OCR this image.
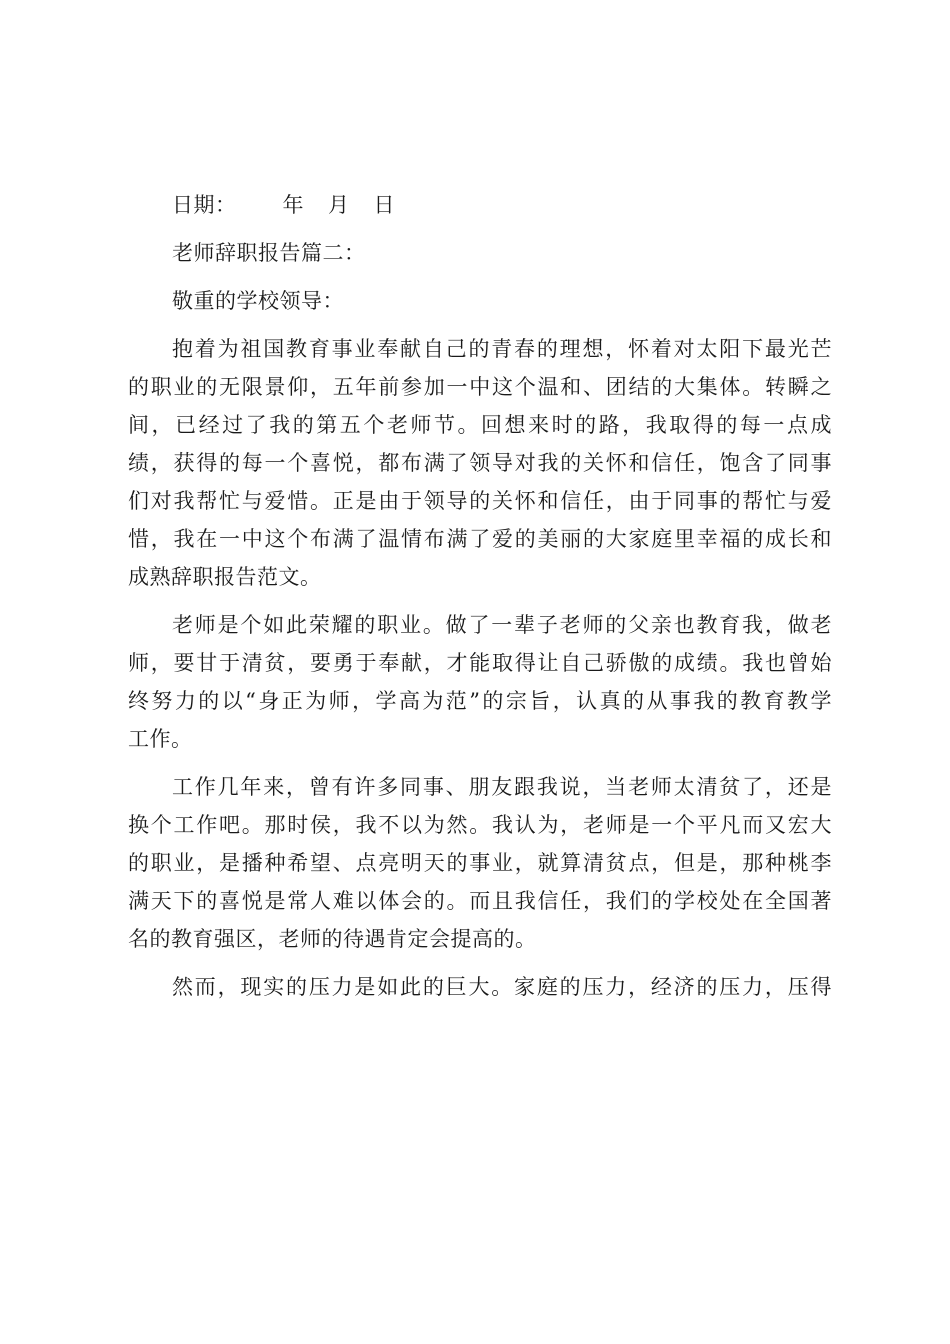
日期： 年 月 日
老师辞职报告篇二：
敬重的学校领导：
抱着为祖国教育事业奉献自己的青春的理想，怀着对太阳下最光芒
的职业的无限景仰，五年前参加一中这个温和、团结的大集体。转瞬之
间，已经过了我的第五个老师节。回想来时的路，我取得的每一点成
绩，获得的每一个喜悦，都布满了领导对我的关怀和信任，饱含了同事
们对我帮忙与爱惜。正是由于领导的关怀和信任，由于同事的帮忙与爱
惜，我在一中这个布满了温情布满了爱的美丽的大家庭里幸福的成长和
成熟辞职报告范文。
老师是个如此荣耀的职业。做了一辈子老师的父亲也教育我，做老
师，要甘于清贫，要勇于奉献，才能取得让自己骄傲的成绩。我也曾始
终努力的以“身正为师，学高为范”的宗旨，认真的从事我的教育教学
工作。
工作几年来，曾有许多同事、朋友跟我说，当老师太清贫了，还是
换个工作吧。那时侯，我不以为然。我认为，老师是一个平凡而又宏大
的职业，是播种希望、点亮明天的事业，就算清贫点，但是，那种桃李
满天下的喜悦是常人难以体会的。而且我信任，我们的学校处在全国著
名的教育强区，老师的待遇肯定会提高的。
然而，现实的压力是如此的巨大。家庭的压力，经济的压力，压得
